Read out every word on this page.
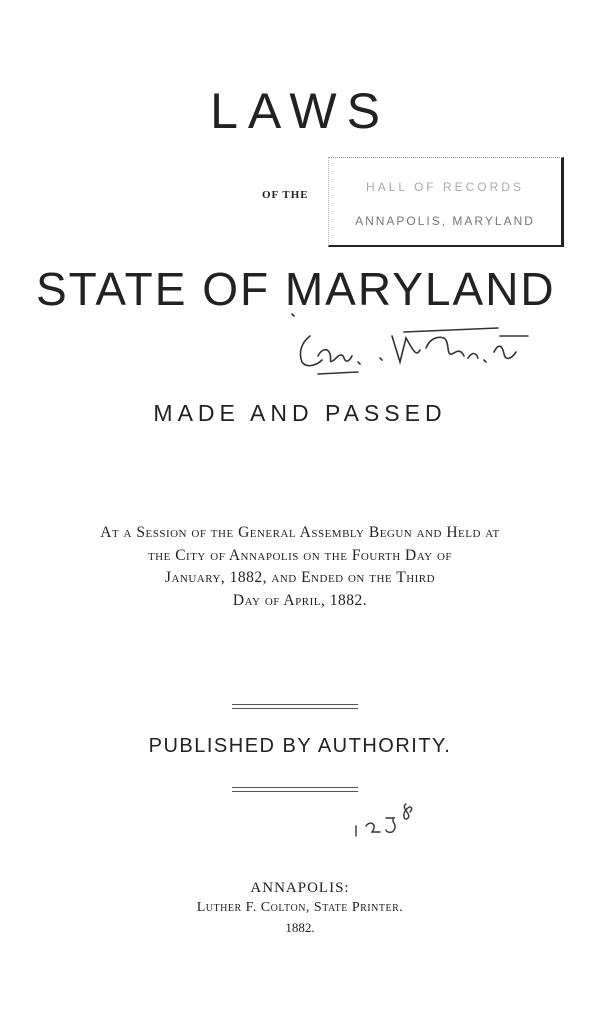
LAWS
OF THE
HALL OF RECORDS
ANNAPOLIS, MARYLAND
STATE OF MARYLAND
MADE AND PASSED
At a Session of the General Assembly Begun and Held at
the City of Annapolis on the Fourth Day of
January, 1882, and Ended on the Third
Day of April, 1882.
PUBLISHED BY AUTHORITY.
ANNAPOLIS:
Luther F. Colton, State Printer.
1882.
